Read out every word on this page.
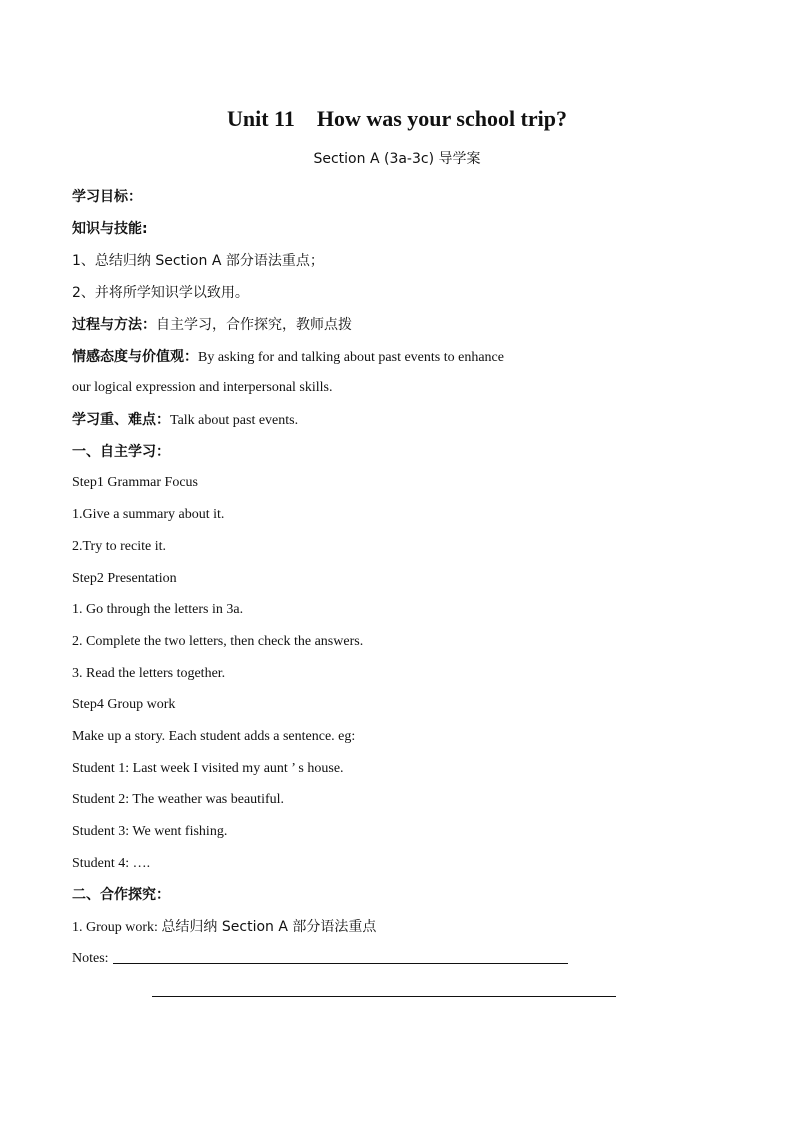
Unit 11    How was your school trip?
Section A (3a-3c) 导学案
学习目标：
知识与技能:
1、总结归纳 Section A 部分语法重点；
2、并将所学知识学以致用。
过程与方法：自主学习，合作探究，教师点拨
情感态度与价值观：By asking for and talking about past events to enhance
our logical expression and interpersonal skills.
学习重、难点：Talk about past events.
一、自主学习：
Step1 Grammar Focus
1.Give a summary about it.
2.Try to recite it.
Step2 Presentation
1. Go through the letters in 3a.
2. Complete the two letters, then check the answers.
3. Read the letters together.
Step4 Group work
Make up a story. Each student adds a sentence. eg:
Student 1: Last week I visited my aunt ’ s house.
Student 2: The weather was beautiful.
Student 3: We went fishing.
Student 4: ….
二、合作探究：
1. Group work: 总结归纳 Section A 部分语法重点
Notes:
